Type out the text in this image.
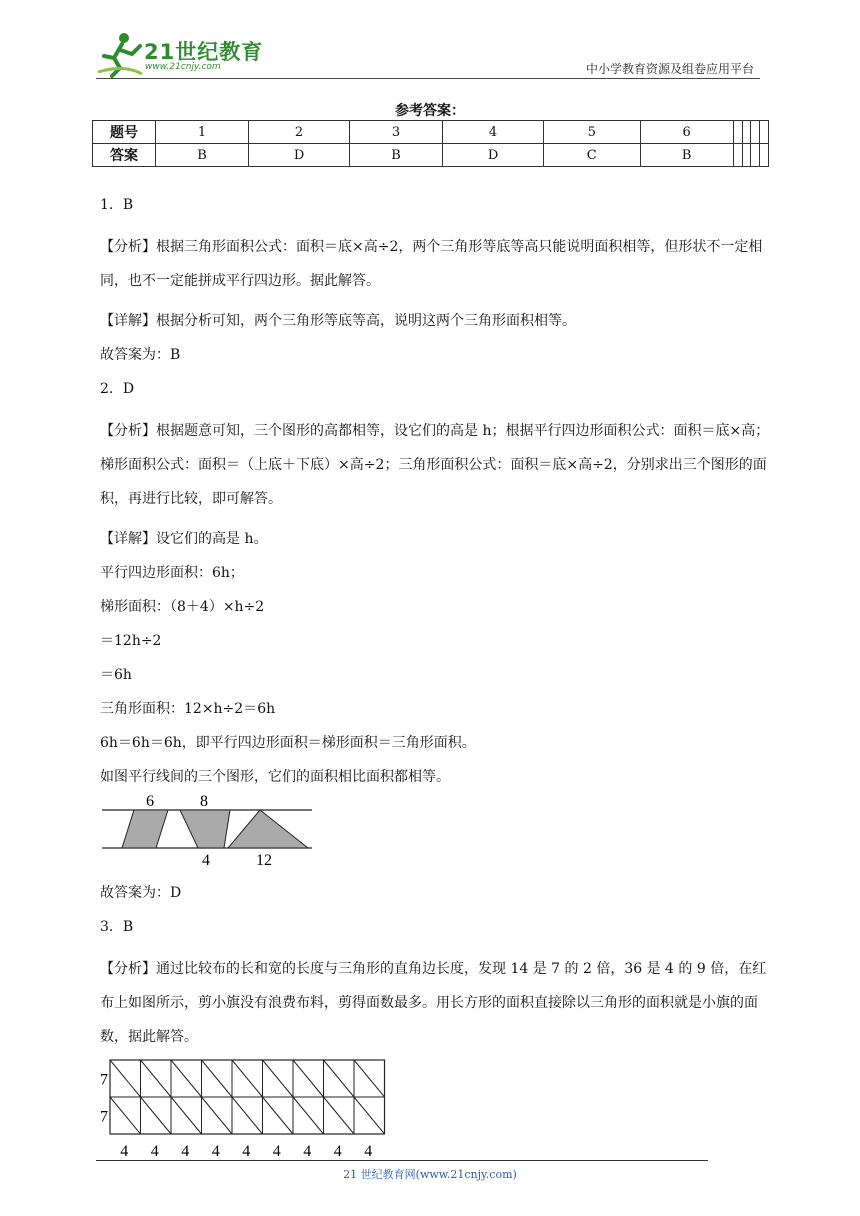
21世纪教育
www.21cnjy.com	中小学教育资源及组卷应用平台
参考答案：
题号	1	2	3	4	5	6				
答案	B	D	B	D	C	B				

1．B

【分析】根据三角形面积公式：面积＝底×高÷2，两个三角形等底等高只能说明面积相等，但形状不一定相同，也不一定能拼成平行四边形。据此解答。

【详解】根据分析可知，两个三角形等底等高，说明这两个三角形面积相等。

故答案为：B

2．D

【分析】根据题意可知，三个图形的高都相等，设它们的高是 h；根据平行四边形面积公式：面积＝底×高；梯形面积公式：面积＝（上底＋下底）×高÷2；三角形面积公式：面积＝底×高÷2，分别求出三个图形的面积，再进行比较，即可解答。

【详解】设它们的高是 h。

平行四边形面积：6h；

梯形面积：（8＋4）×h÷2

＝12h÷2

＝6h

三角形面积：12×h÷2＝6h

6h＝6h＝6h，即平行四边形面积＝梯形面积＝三角形面积。

如图平行线间的三个图形，它们的面积相比面积都相等。

6	8
4	12

故答案为：D

3．B

【分析】通过比较布的长和宽的长度与三角形的直角边长度，发现 14 是 7 的 2 倍，36 是 4 的 9 倍，在红布上如图所示，剪小旗没有浪费布料，剪得面数最多。用长方形的面积直接除以三角形的面积就是小旗的面数，据此解答。

7
7
4 4 4 4 4 4 4 4 4
21 世纪教育网(www.21cnjy.com)
